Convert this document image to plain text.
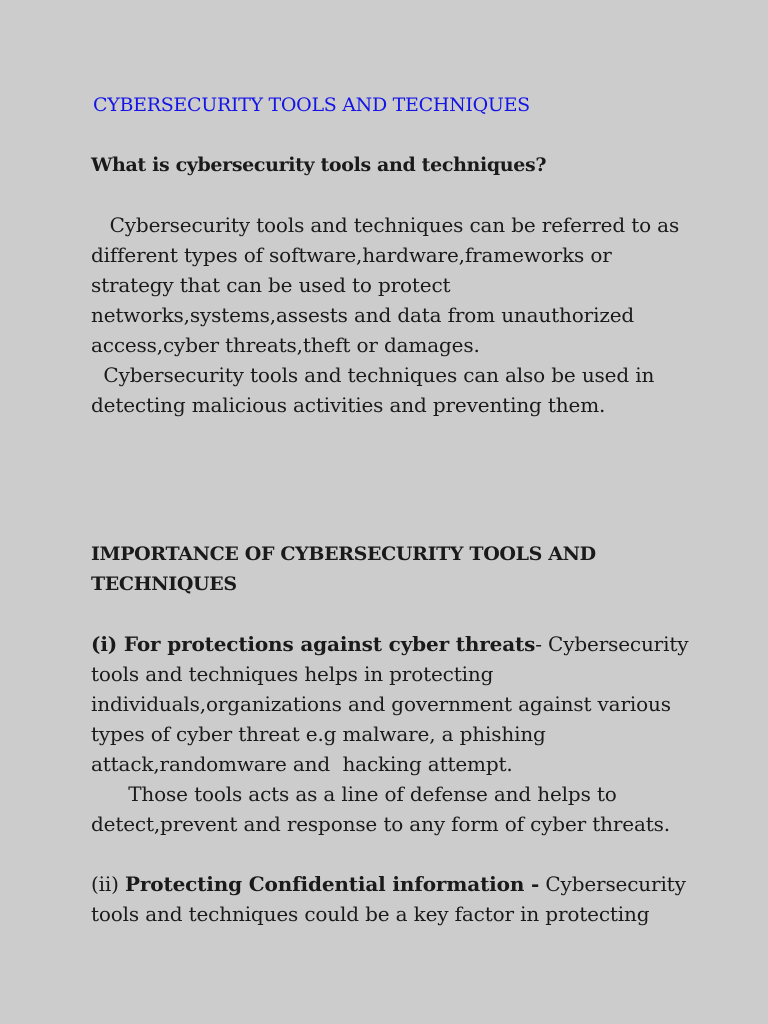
CYBERSECURITY TOOLS AND TECHNIQUES
What is cybersecurity tools and techniques?
Cybersecurity tools and techniques can be referred to as
different types of software,hardware,frameworks or
strategy that can be used to protect
networks,systems,assests and data from unauthorized
access,cyber threats,theft or damages.
Cybersecurity tools and techniques can also be used in
detecting malicious activities and preventing them.
IMPORTANCE OF CYBERSECURITY TOOLS AND
TECHNIQUES
(i) For protections against cyber threats- Cybersecurity
tools and techniques helps in protecting
individuals,organizations and government against various
types of cyber threat e.g malware, a phishing
attack,randomware and  hacking attempt.
Those tools acts as a line of defense and helps to
detect,prevent and response to any form of cyber threats.
(ii) Protecting Confidential information - Cybersecurity
tools and techniques could be a key factor in protecting
